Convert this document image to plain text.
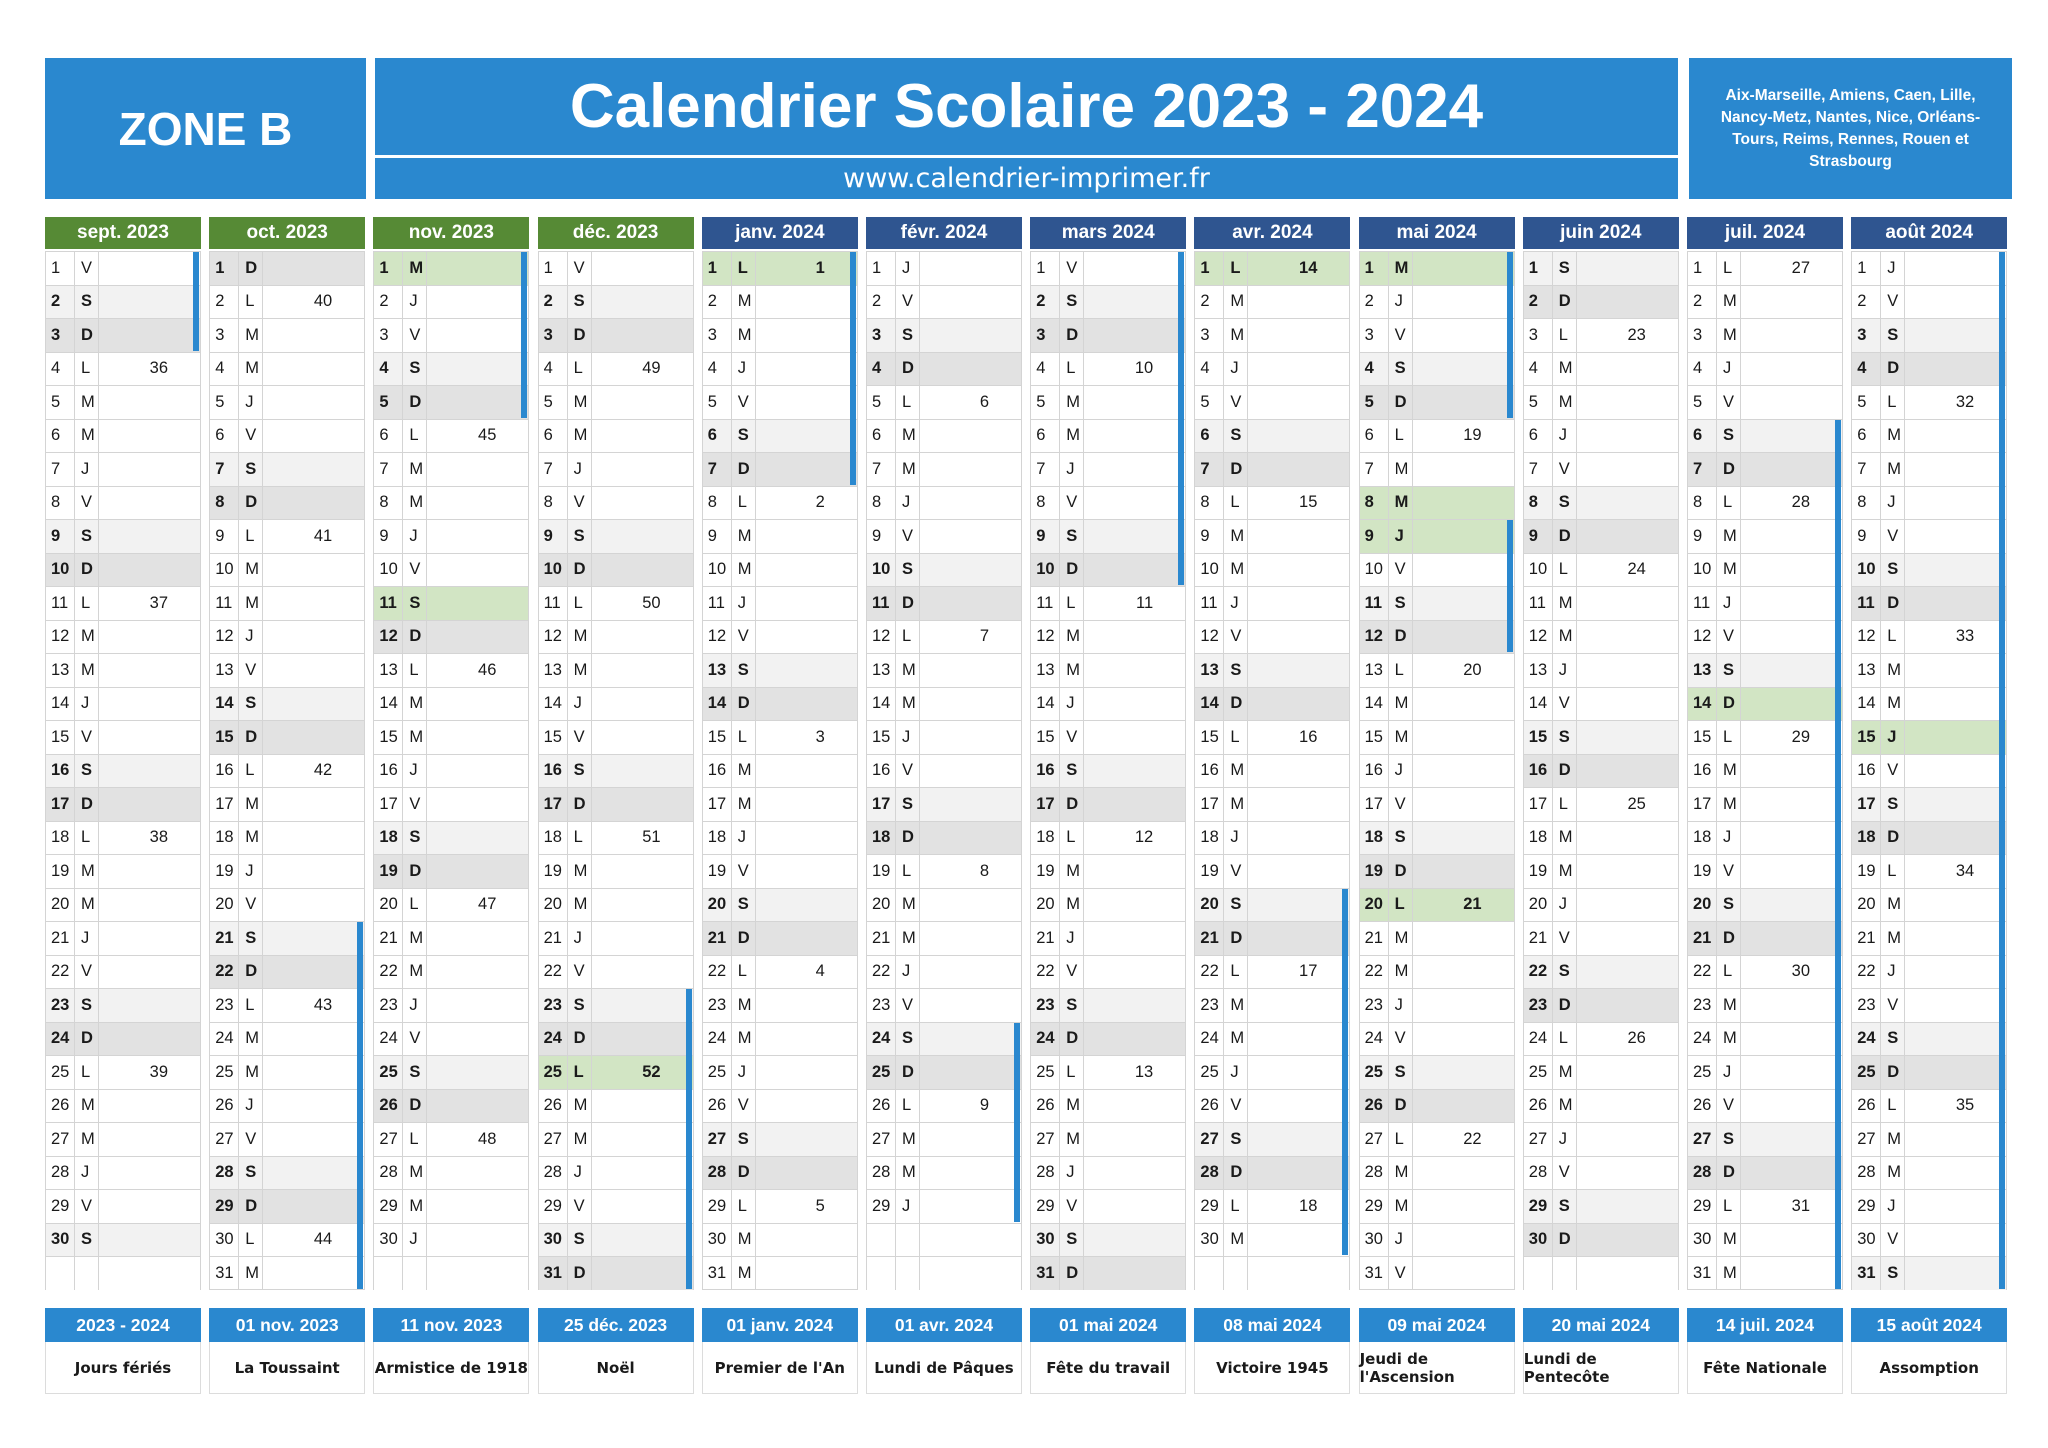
ZONE B	Calendrier Scolaire 2023 - 2024
www.calendrier-imprimer.fr
Aix-Marseille, Amiens, Caen, Lille, Nancy-Metz, Nantes, Nice, Orléans-Tours, Reims, Rennes, Rouen et Strasbourg
sept. 2023
1	V
2	S
3	D
4	L	36
5	M
6	M
7	J
8	V
9	S
10 D
11 L	37
12 M
13 M
14 J
15 V
16 S
17 D
18 L	38
19 M
20 M
21 J
22 V
23 S
24 D
25 L	39
26 M
27 M
28 J
29 V
30 S
oct. 2023
1	D
2	L	40
3	M
4	M
5	J
6	V
7	S
8	D
9	L	41
10 M
11 M
12 J
13 V
14 S
15 D
16 L	42
17 M
18 M
19 J
20 V
21 S
22 D
23 L	43
24 M
25 M
26 J
27 V
28 S
29 D
30 L	44
31 M
nov. 2023
1	M
2	J
3	V
4	S
5	D
6	L	45
7	M
8	M
9	J
10 V
11 S
12 D
13 L	46
14 M
15 M
16 J
17 V
18 S
19 D
20 L	47
21 M
22 M
23 J
24 V
25 S
26 D
27 L	48
28 M
29 M
30 J
déc. 2023
1	V
2	S
3	D
4	L	49
5	M
6	M
7	J
8	V
9	S
10 D
11 L	50
12 M
13 M
14 J
15 V
16 S
17 D
18 L	51
19 M
20 M
21 J
22 V
23 S
24 D
25 L	52
26 M
27 M
28 J
29 V
30 S
31 D
janv. 2024
1	L	1
2	M
3	M
4	J
5	V
6	S
7	D
8	L	2
9	M
10 M
11 J
12 V
13 S
14 D
15 L	3
16 M
17 M
18 J
19 V
20 S
21 D
22 L	4
23 M
24 M
25 J
26 V
27 S
28 D
29 L	5
30 M
31 M
févr. 2024
1	J
2	V
3	S
4	D
5	L	6
6	M
7	M
8	J
9	V
10 S
11 D
12 L	7
13 M
14 M
15 J
16 V
17 S
18 D
19 L	8
20 M
21 M
22 J
23 V
24 S
25 D
26 L	9
27 M
28 M
29 J
mars 2024
1	V
2	S
3	D
4	L	10
5	M
6	M
7	J
8	V
9	S
10 D
11 L	11
12 M
13 M
14 J
15 V
16 S
17 D
18 L	12
19 M
20 M
21 J
22 V
23 S
24 D
25 L	13
26 M
27 M
28 J
29 V
30 S
31 D
avr. 2024
1	L	14
2	M
3	M
4	J
5	V
6	S
7	D
8	L	15
9	M
10 M
11 J
12 V
13 S
14 D
15 L	16
16 M
17 M
18 J
19 V
20 S
21 D
22 L	17
23 M
24 M
25 J
26 V
27 S
28 D
29 L	18
30 M
mai 2024
1	M
2	J
3	V
4	S
5	D
6	L	19
7	M
8	M
9	J
10 V
11 S
12 D
13 L	20
14 M
15 M
16 J
17 V
18 S
19 D
20 L	21
21 M
22 M
23 J
24 V
25 S
26 D
27 L	22
28 M
29 M
30 J
31 V
juin 2024
1	S
2	D
3	L	23
4	M
5	M
6	J
7	V
8	S
9	D
10 L	24
11 M
12 M
13 J
14 V
15 S
16 D
17 L	25
18 M
19 M
20 J
21 V
22 S
23 D
24 L	26
25 M
26 M
27 J
28 V
29 S
30 D
juil. 2024
1	L	27
2	M
3	M
4	J
5	V
6	S
7	D
8	L	28
9	M
10 M
11 J
12 V
13 S
14 D
15 L	29
16 M
17 M
18 J
19 V
20 S
21 D
22 L	30
23 M
24 M
25 J
26 V
27 S
28 D
29 L	31
30 M
31 M
août 2024
1	J
2	V
3	S
4	D
5	L	32
6	M
7	M
8	J
9	V
10 S
11 D
12 L	33
13 M
14 M
15 J
16 V
17 S
18 D
19 L	34
20 M
21 M
22 J
23 V
24 S
25 D
26 L	35
27 M
28 M
29 J
30 V
31 S
2023 - 2024
Jours fériés
01 nov. 2023
La Toussaint
11 nov. 2023
Armistice de 1918
25 déc. 2023
Noël
01 janv. 2024
Premier de l'An
01 avr. 2024
Lundi de Pâques
01 mai 2024
Fête du travail
08 mai 2024
Victoire 1945
09 mai 2024
Jeudi de l'Ascension
20 mai 2024
Lundi de Pentecôte
14 juil. 2024
Fête Nationale
15 août 2024
Assomption
